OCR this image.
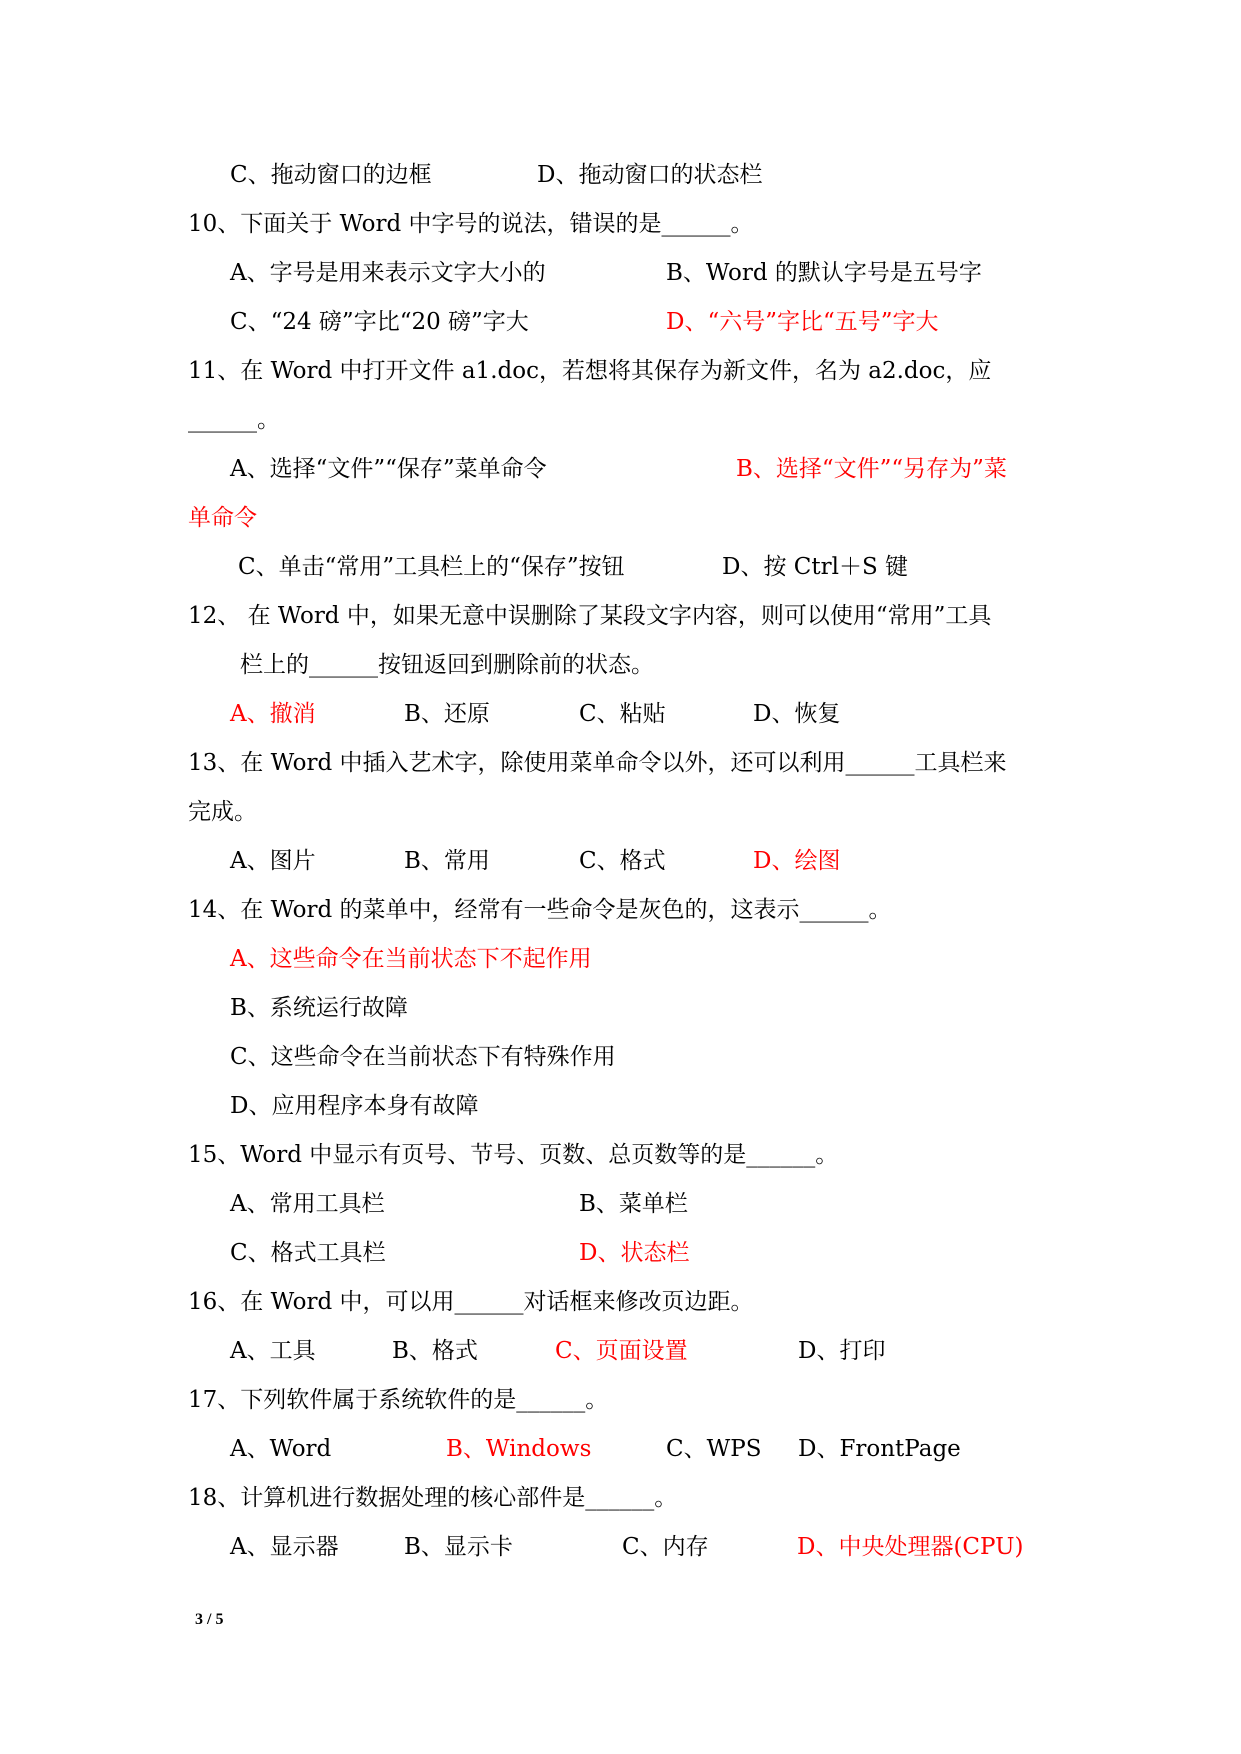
C、拖动窗口的边框	D、拖动窗口的状态栏
10、下面关于 Word 中字号的说法，错误的是______。
A、字号是用来表示文字大小的	B、Word 的默认字号是五号字
C、“24 磅”字比“20 磅”字大	D、“六号”字比“五号”字大
11、在 Word 中打开文件 a1.doc，若想将其保存为新文件，名为 a2.doc，应
______。
A、选择“文件”“保存”菜单命令	B、选择“文件”“另存为”菜
单命令
C、单击“常用”工具栏上的“保存”按钮	D、按 Ctrl＋S 键
12、 在 Word 中，如果无意中误删除了某段文字内容，则可以使用“常用”工具
栏上的______按钮返回到删除前的状态。
A、撤消	B、还原	C、粘贴	D、恢复
13、在 Word 中插入艺术字，除使用菜单命令以外，还可以利用______工具栏来
完成。
A、图片	B、常用	C、格式	D、绘图
14、在 Word 的菜单中，经常有一些命令是灰色的，这表示______。
A、这些命令在当前状态下不起作用
B、系统运行故障
C、这些命令在当前状态下有特殊作用
D、应用程序本身有故障
15、Word 中显示有页号、节号、页数、总页数等的是______。
A、常用工具栏	B、菜单栏
C、格式工具栏	D、状态栏
16、在 Word 中，可以用______对话框来修改页边距。
A、工具	B、格式	C、页面设置	D、打印
17、下列软件属于系统软件的是______。
A、Word	B、Windows	C、WPS D、FrontPage
18、计算机进行数据处理的核心部件是______。
A、显示器	B、显示卡	C、内存	D、中央处理器(CPU)
3 / 5
